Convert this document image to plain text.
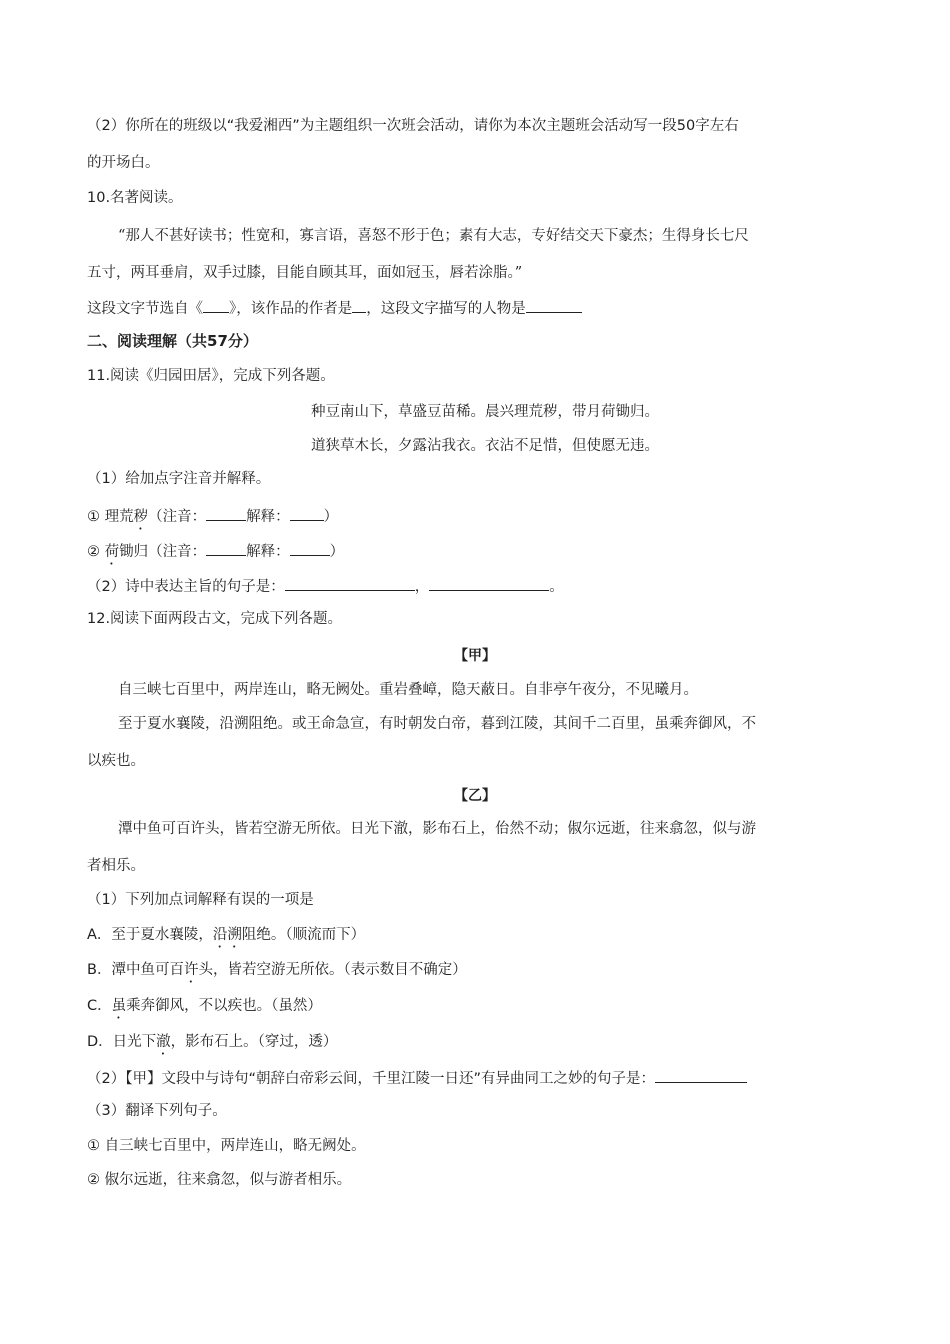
（2）你所在的班级以“我爱湘西”为主题组织一次班会活动，请你为本次主题班会活动写一段50字左右
的开场白。
10.名著阅读。
“那人不甚好读书；性宽和，寡言语，喜怒不形于色；素有大志，专好结交天下豪杰；生得身长七尺
五寸，两耳垂肩，双手过膝，目能自顾其耳，面如冠玉，唇若涂脂。”
这段文字节选自《 》，该作品的作者是 ，这段文字描写的人物是
二、阅读理解（共57分）
11.阅读《归园田居》，完成下列各题。
种豆南山下，草盛豆苗稀。晨兴理荒秽，带月荷锄归。
道狭草木长，夕露沾我衣。衣沾不足惜，但使愿无违。
（1）给加点字注音并解释。
① 理荒秽（注音：	解释： ）
② 荷锄归（注音：	解释：	）
（2）诗中表达主旨的句子是：	，	。
12.阅读下面两段古文，完成下列各题。
【甲】
自三峡七百里中，两岸连山，略无阙处。重岩叠嶂，隐天蔽日。自非亭午夜分，不见曦月。
至于夏水襄陵，沿溯阻绝。或王命急宣，有时朝发白帝，暮到江陵，其间千二百里，虽乘奔御风，不
以疾也。
【乙】
潭中鱼可百许头，皆若空游无所依。日光下澈，影布石上，佁然不动；俶尔远逝，往来翕忽，似与游
者相乐。
（1）下列加点词解释有误的一项是
A．至于夏水襄陵，沿溯阻绝。（顺流而下）
B．潭中鱼可百许头，皆若空游无所依。（表示数目不确定）
C．虽乘奔御风，不以疾也。（虽然）
D．日光下澈，影布石上。（穿过，透）
（2）【甲】文段中与诗句“朝辞白帝彩云间，千里江陵一日还”有异曲同工之妙的句子是：
（3）翻译下列句子。
① 自三峡七百里中，两岸连山，略无阙处。
② 俶尔远逝，往来翕忽，似与游者相乐。
